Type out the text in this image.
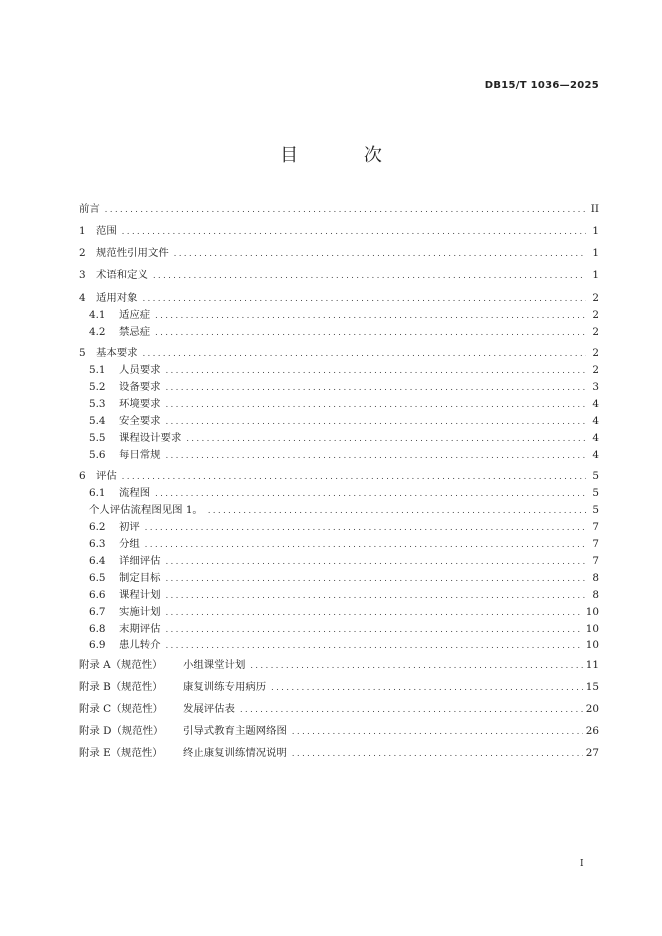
DB15/T 1036—2025
目 次
前言 . . .	II
1 范围 . . .	1
2 规范性引用文件 . . .	1
3 术语和定义 . . .	1
4 适用对象 . . .	2
4.1	适应症 . . .	2
4.2	禁忌症 . . .	2
5 基本要求 . . .	2
5.1	人员要求 . . .	2
5.2	设备要求 . . .	3
5.3	环境要求 . . .	4
5.4	安全要求 . . .	4
5.5	课程设计要求 . . .	4
5.6	每日常规 . . .	4
6 评估 . . .	5
6.1	流程图 . . .	5
个人评估流程图见图 1。 . . .	5
6.2	初评 . . .	7
6.3	分组 . . .	7
6.4	详细评估 . . .	7
6.5	制定目标 . . .	8
6.6	课程计划 . . .	8
6.7	实施计划 . . .	10
6.8	末期评估 . . .	10
6.9	患儿转介 . . .	10
附录 A（规范性）	小组课堂计划 . . .	11
附录 B（规范性）	康复训练专用病历 . . .	15
附录 C（规范性）	发展评估表 . . .	20
附录 D（规范性）	引导式教育主题网络图 . . .	26
附录 E（规范性）	终止康复训练情况说明 . . .	27
I
